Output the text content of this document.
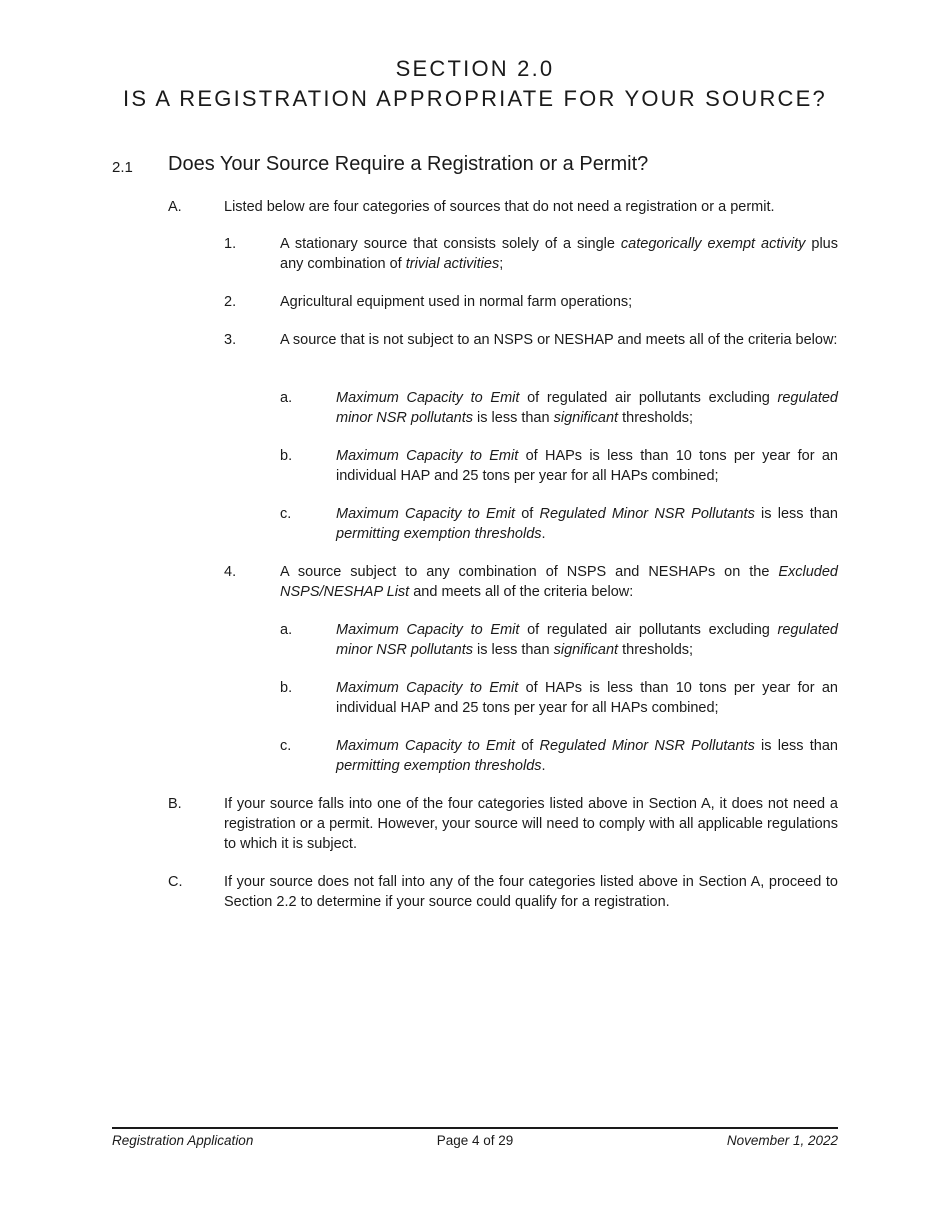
SECTION 2.0
IS A REGISTRATION APPROPRIATE FOR YOUR SOURCE?
2.1 Does Your Source Require a Registration or a Permit?
A.	Listed below are four categories of sources that do not need a registration or a permit.
1.	A stationary source that consists solely of a single categorically exempt activity plus any combination of trivial activities;
2.	Agricultural equipment used in normal farm operations;
3.	A source that is not subject to an NSPS or NESHAP and meets all of the criteria below:
a.	Maximum Capacity to Emit of regulated air pollutants excluding regulated minor NSR pollutants is less than significant thresholds;
b.	Maximum Capacity to Emit of HAPs is less than 10 tons per year for an individual HAP and 25 tons per year for all HAPs combined;
c.	Maximum Capacity to Emit of Regulated Minor NSR Pollutants is less than permitting exemption thresholds.
4.	A source subject to any combination of NSPS and NESHAPs on the Excluded NSPS/NESHAP List and meets all of the criteria below:
a.	Maximum Capacity to Emit of regulated air pollutants excluding regulated minor NSR pollutants is less than significant thresholds;
b.	Maximum Capacity to Emit of HAPs is less than 10 tons per year for an individual HAP and 25 tons per year for all HAPs combined;
c.	Maximum Capacity to Emit of Regulated Minor NSR Pollutants is less than permitting exemption thresholds.
B.	If your source falls into one of the four categories listed above in Section A, it does not need a registration or a permit. However, your source will need to comply with all applicable regulations to which it is subject.
C.	If your source does not fall into any of the four categories listed above in Section A, proceed to Section 2.2 to determine if your source could qualify for a registration.
Registration Application	Page 4 of 29	November 1, 2022
